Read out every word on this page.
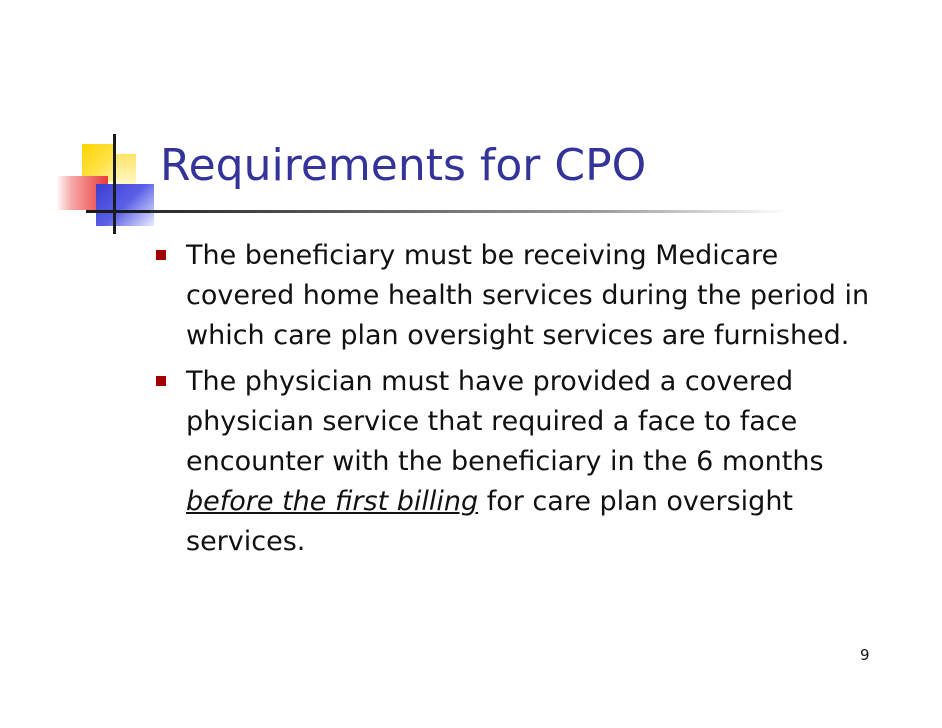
Requirements for CPO
The beneficiary must be receiving Medicare covered home health services during the period in which care plan oversight services are furnished.
The physician must have provided a covered physician service that required a face to face encounter with the beneficiary in the 6 months before the first billing for care plan oversight services.
9
